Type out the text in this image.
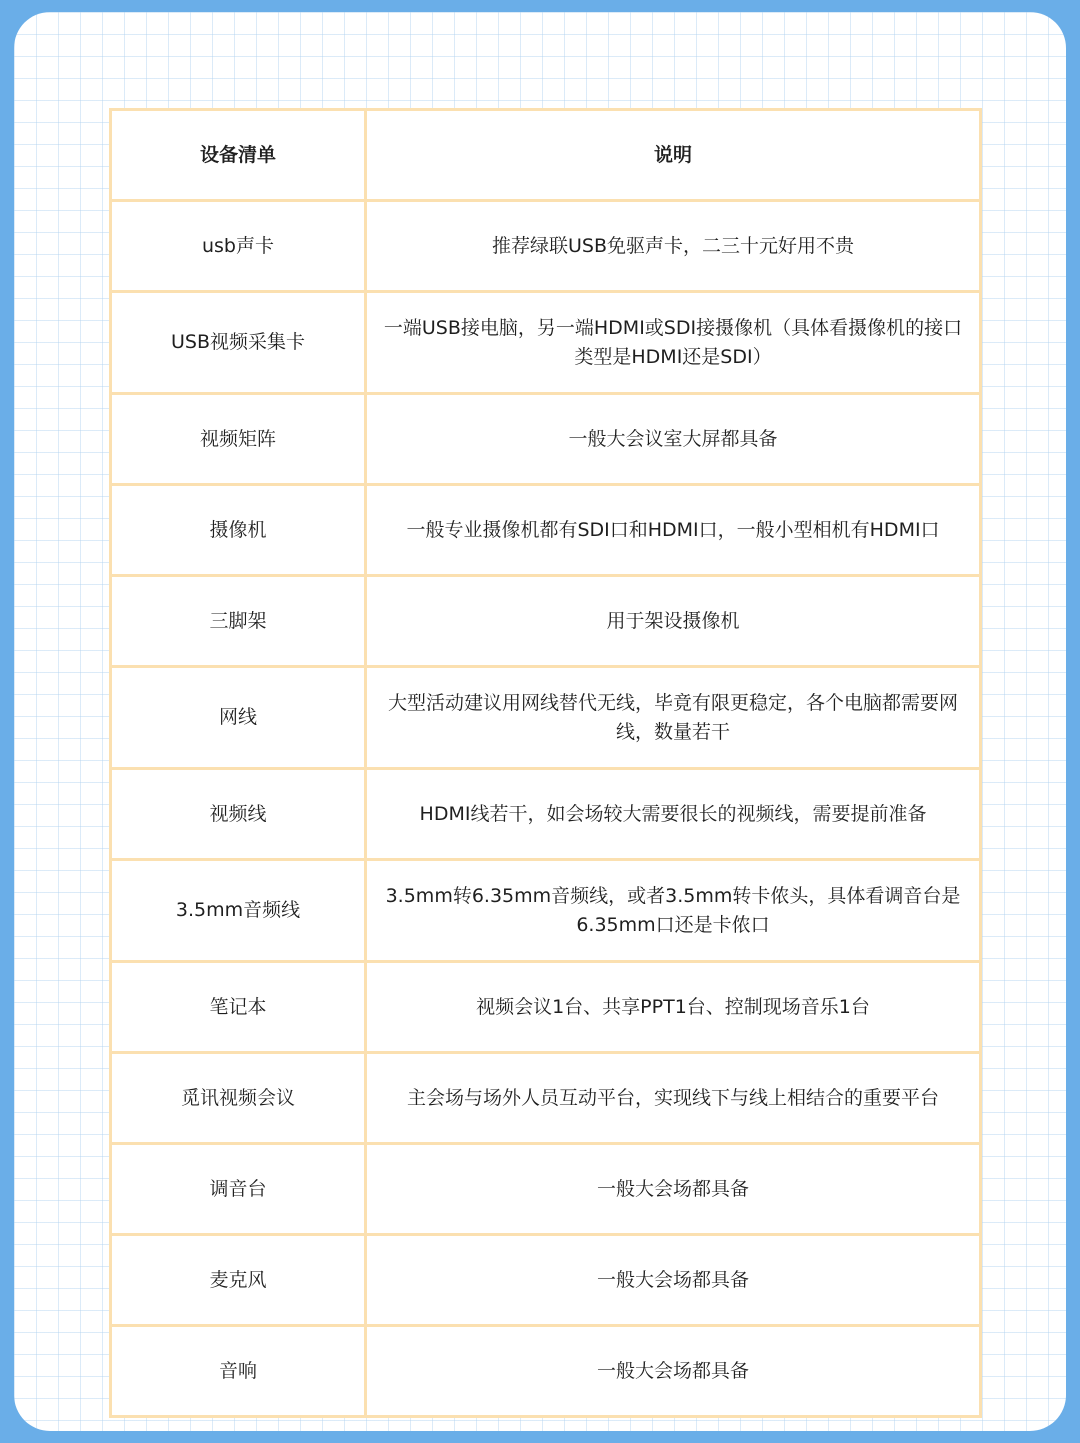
设备清单	说明
usb声卡	推荐绿联USB免驱声卡，二三十元好用不贵
USB视频采集卡	一端USB接电脑，另一端HDMI或SDI接摄像机（具体看摄像机的接口类型是HDMI还是SDI）
视频矩阵	一般大会议室大屏都具备
摄像机	一般专业摄像机都有SDI口和HDMI口，一般小型相机有HDMI口
三脚架	用于架设摄像机
网线	大型活动建议用网线替代无线，毕竟有限更稳定，各个电脑都需要网线，数量若干
视频线	HDMI线若干，如会场较大需要很长的视频线，需要提前准备
3.5mm音频线	3.5mm转6.35mm音频线，或者3.5mm转卡侬头，具体看调音台是6.35mm口还是卡侬口
笔记本	视频会议1台、共享PPT1台、控制现场音乐1台
觅讯视频会议	主会场与场外人员互动平台，实现线下与线上相结合的重要平台
调音台	一般大会场都具备
麦克风	一般大会场都具备
音响	一般大会场都具备
